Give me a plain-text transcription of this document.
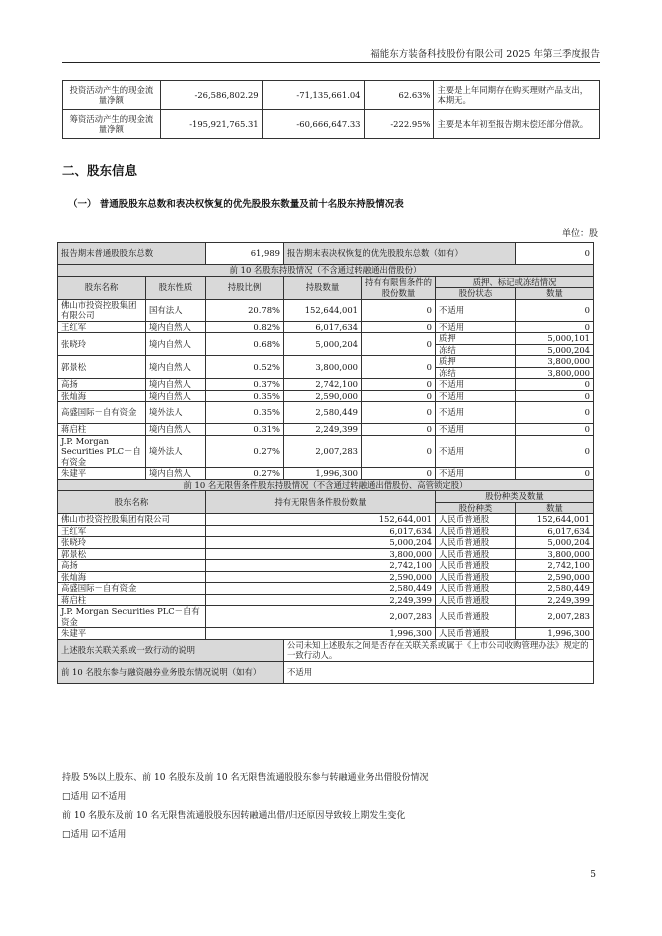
福能东方装备科技股份有限公司 2025 年第三季度报告
投资活动产生的现金流量净额	-26,586,802.29	-71,135,661.04	62.63%	主要是上年同期存在购买理财产品支出，本期无。
筹资活动产生的现金流量净额	-195,921,765.31	-60,666,647.33	-222.95%	主要是本年初至报告期末偿还部分借款。
二、股东信息
（一） 普通股股东总数和表决权恢复的优先股股东数量及前十名股东持股情况表
单位：股
报告期末普通股股东总数		61,989	报告期末表决权恢复的优先股股东总数（如有）			0
前 10 名股东持股情况（不含通过转融通出借股份）						
股东名称	股东性质	持股比例	持股数量	持有有限售条件的股份数量	质押、标记或冻结情况	
					股份状态	数量
佛山市投资控股集团有限公司	国有法人	20.78%	152,644,001	0	不适用	0
王红军	境内自然人	0.82%	6,017,634	0	不适用	0
张晓玲	境内自然人	0.68%	5,000,204	0	质押	5,000,101
					冻结	5,000,204
郭景松	境内自然人	0.52%	3,800,000	0	质押	3,800,000
					冻结	3,800,000
高扬	境内自然人	0.37%	2,742,100	0	不适用	0
张灿海	境内自然人	0.35%	2,590,000	0	不适用	0
高盛国际－自有资金	境外法人	0.35%	2,580,449	0	不适用	0
蒋启柱	境内自然人	0.31%	2,249,399	0	不适用	0
J.P. Morgan Securities PLC－自有资金	境外法人	0.27%	2,007,283	0	不适用	0
朱建平	境内自然人	0.27%	1,996,300	0	不适用	0
前 10 名无限售条件股东持股情况（不含通过转融通出借股份、高管锁定股）						
股东名称		持有无限售条件股份数量			股份种类及数量	
					股份种类	数量
佛山市投资控股集团有限公司		152,644,001			人民币普通股	152,644,001
王红军		6,017,634			人民币普通股	6,017,634
张晓玲		5,000,204			人民币普通股	5,000,204
郭景松		3,800,000			人民币普通股	3,800,000
高扬		2,742,100			人民币普通股	2,742,100
张灿海		2,590,000			人民币普通股	2,590,000
高盛国际－自有资金		2,580,449			人民币普通股	2,580,449
蒋启柱		2,249,399			人民币普通股	2,249,399
J.P. Morgan Securities PLC－自有资金		2,007,283			人民币普通股	2,007,283
朱建平		1,996,300			人民币普通股	1,996,300
上述股东关联关系或一致行动的说明			公司未知上述股东之间是否存在关联关系或属于《上市公司收购管理办法》规定的一致行动人。			
前 10 名股东参与融资融券业务股东情况说明（如有）			不适用			
持股 5%以上股东、前 10 名股东及前 10 名无限售流通股股东参与转融通业务出借股份情况
□适用 ☑不适用
前 10 名股东及前 10 名无限售流通股股东因转融通出借/归还原因导致较上期发生变化
□适用 ☑不适用
5
